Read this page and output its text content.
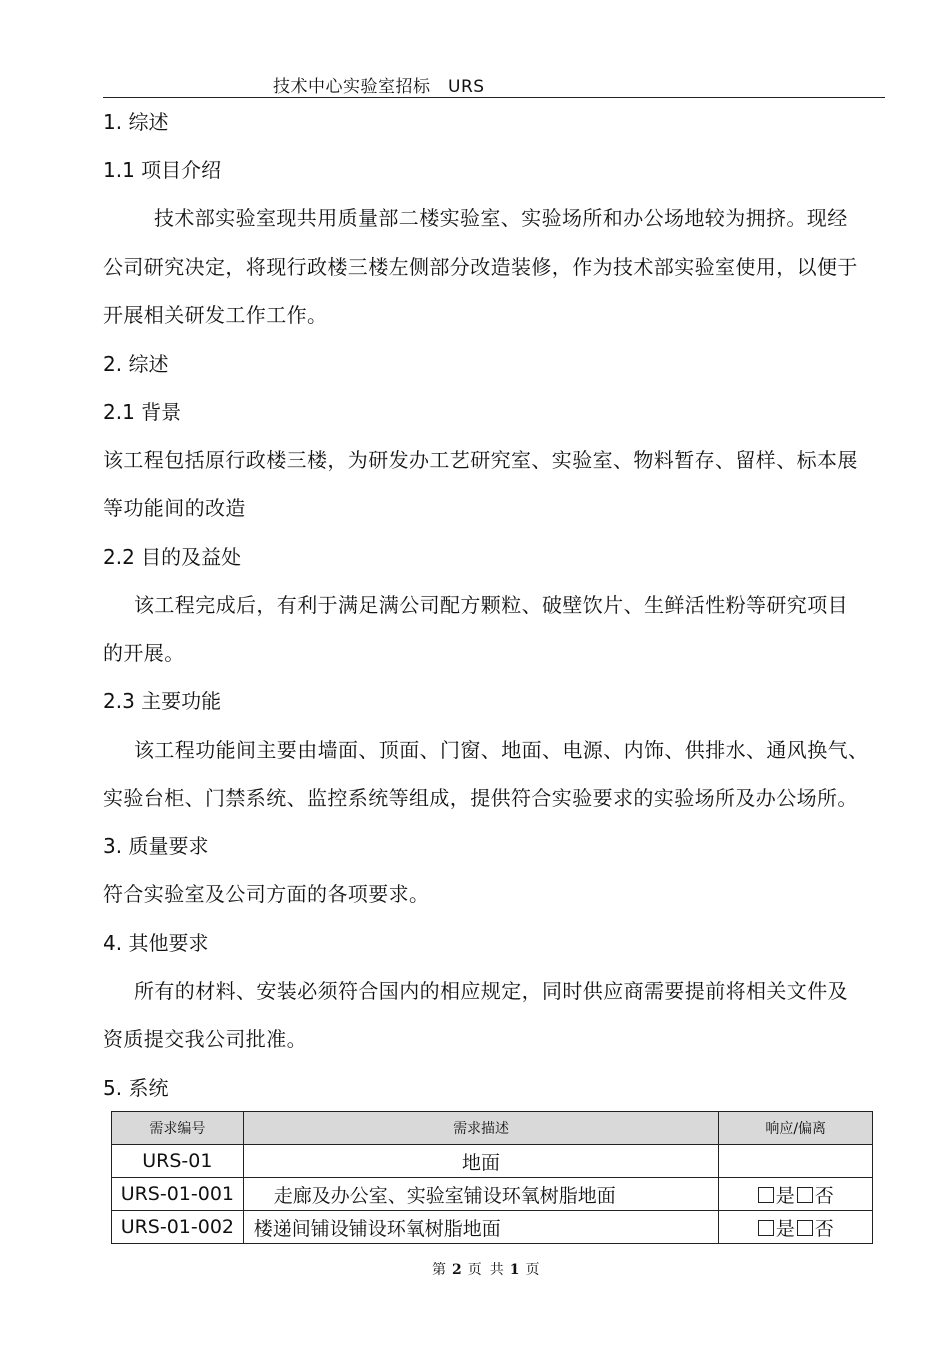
技术中心实验室招标　URS
1. 综述
1.1 项目介绍
技术部实验室现共用质量部二楼实验室、实验场所和办公场地较为拥挤。现经
公司研究决定，将现行政楼三楼左侧部分改造装修，作为技术部实验室使用，以便于
开展相关研发工作工作。
2. 综述
2.1 背景
该工程包括原行政楼三楼，为研发办工艺研究室、实验室、物料暂存、留样、标本展
等功能间的改造
2.2 目的及益处
该工程完成后，有利于满足满公司配方颗粒、破壁饮片、生鲜活性粉等研究项目
的开展。
2.3 主要功能
该工程功能间主要由墙面、顶面、门窗、地面、电源、内饰、供排水、通风换气、
实验台柜、门禁系统、监控系统等组成，提供符合实验要求的实验场所及办公场所。
3. 质量要求
符合实验室及公司方面的各项要求。
4. 其他要求
所有的材料、安装必须符合国内的相应规定，同时供应商需要提前将相关文件及
资质提交我公司批准。
5. 系统
需求编号	需求描述	响应/偏离
URS-01	地面	
URS-01-001	走廊及办公室、实验室铺设环氧树脂地面	是 否
URS-01-002	楼递间铺设铺设环氧树脂地面	是 否
第 2 页 共 1 页
